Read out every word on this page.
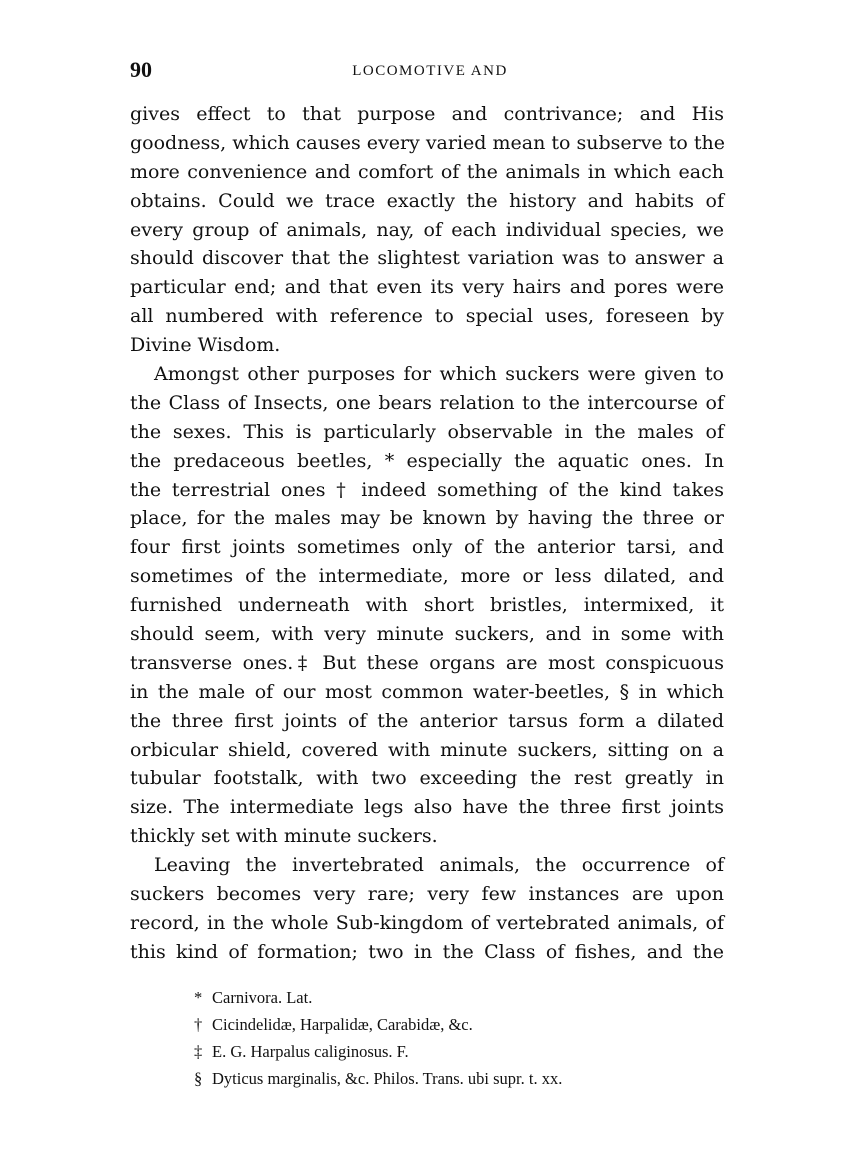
90	LOCOMOTIVE AND

gives effect to that purpose and contrivance; and His
goodness, which causes every varied mean to subserve to the
more convenience and comfort of the animals in which each
obtains. Could we trace exactly the history and habits of
every group of animals, nay, of each individual species, we
should discover that the slightest variation was to answer a
particular end; and that even its very hairs and pores were
all numbered with reference to special uses, foreseen by
Divine Wisdom.

Amongst other purposes for which suckers were given to
the Class of Insects, one bears relation to the intercourse of
the sexes. This is particularly observable in the males of
the predaceous beetles, * especially the aquatic ones. In
the terrestrial ones † indeed something of the kind takes
place, for the males may be known by having the three or
four first joints sometimes only of the anterior tarsi, and
sometimes of the intermediate, more or less dilated, and
furnished underneath with short bristles, intermixed, it
should seem, with very minute suckers, and in some with
transverse ones.‡ But these organs are most conspicuous
in the male of our most common water-beetles, § in which
the three first joints of the anterior tarsus form a dilated
orbicular shield, covered with minute suckers, sitting on a
tubular footstalk, with two exceeding the rest greatly in
size. The intermediate legs also have the three first joints
thickly set with minute suckers.

Leaving the invertebrated animals, the occurrence of
suckers becomes very rare; very few instances are upon
record, in the whole Sub-kingdom of vertebrated animals, of
this kind of formation; two in the Class of fishes, and the

* Carnivora. Lat.
† Cicindelidæ, Harpalidæ, Carabidæ, &c.
‡ E. G. Harpalus caliginosus. F.
§ Dyticus marginalis, &c. Philos. Trans. ubi supr. t. xx.
